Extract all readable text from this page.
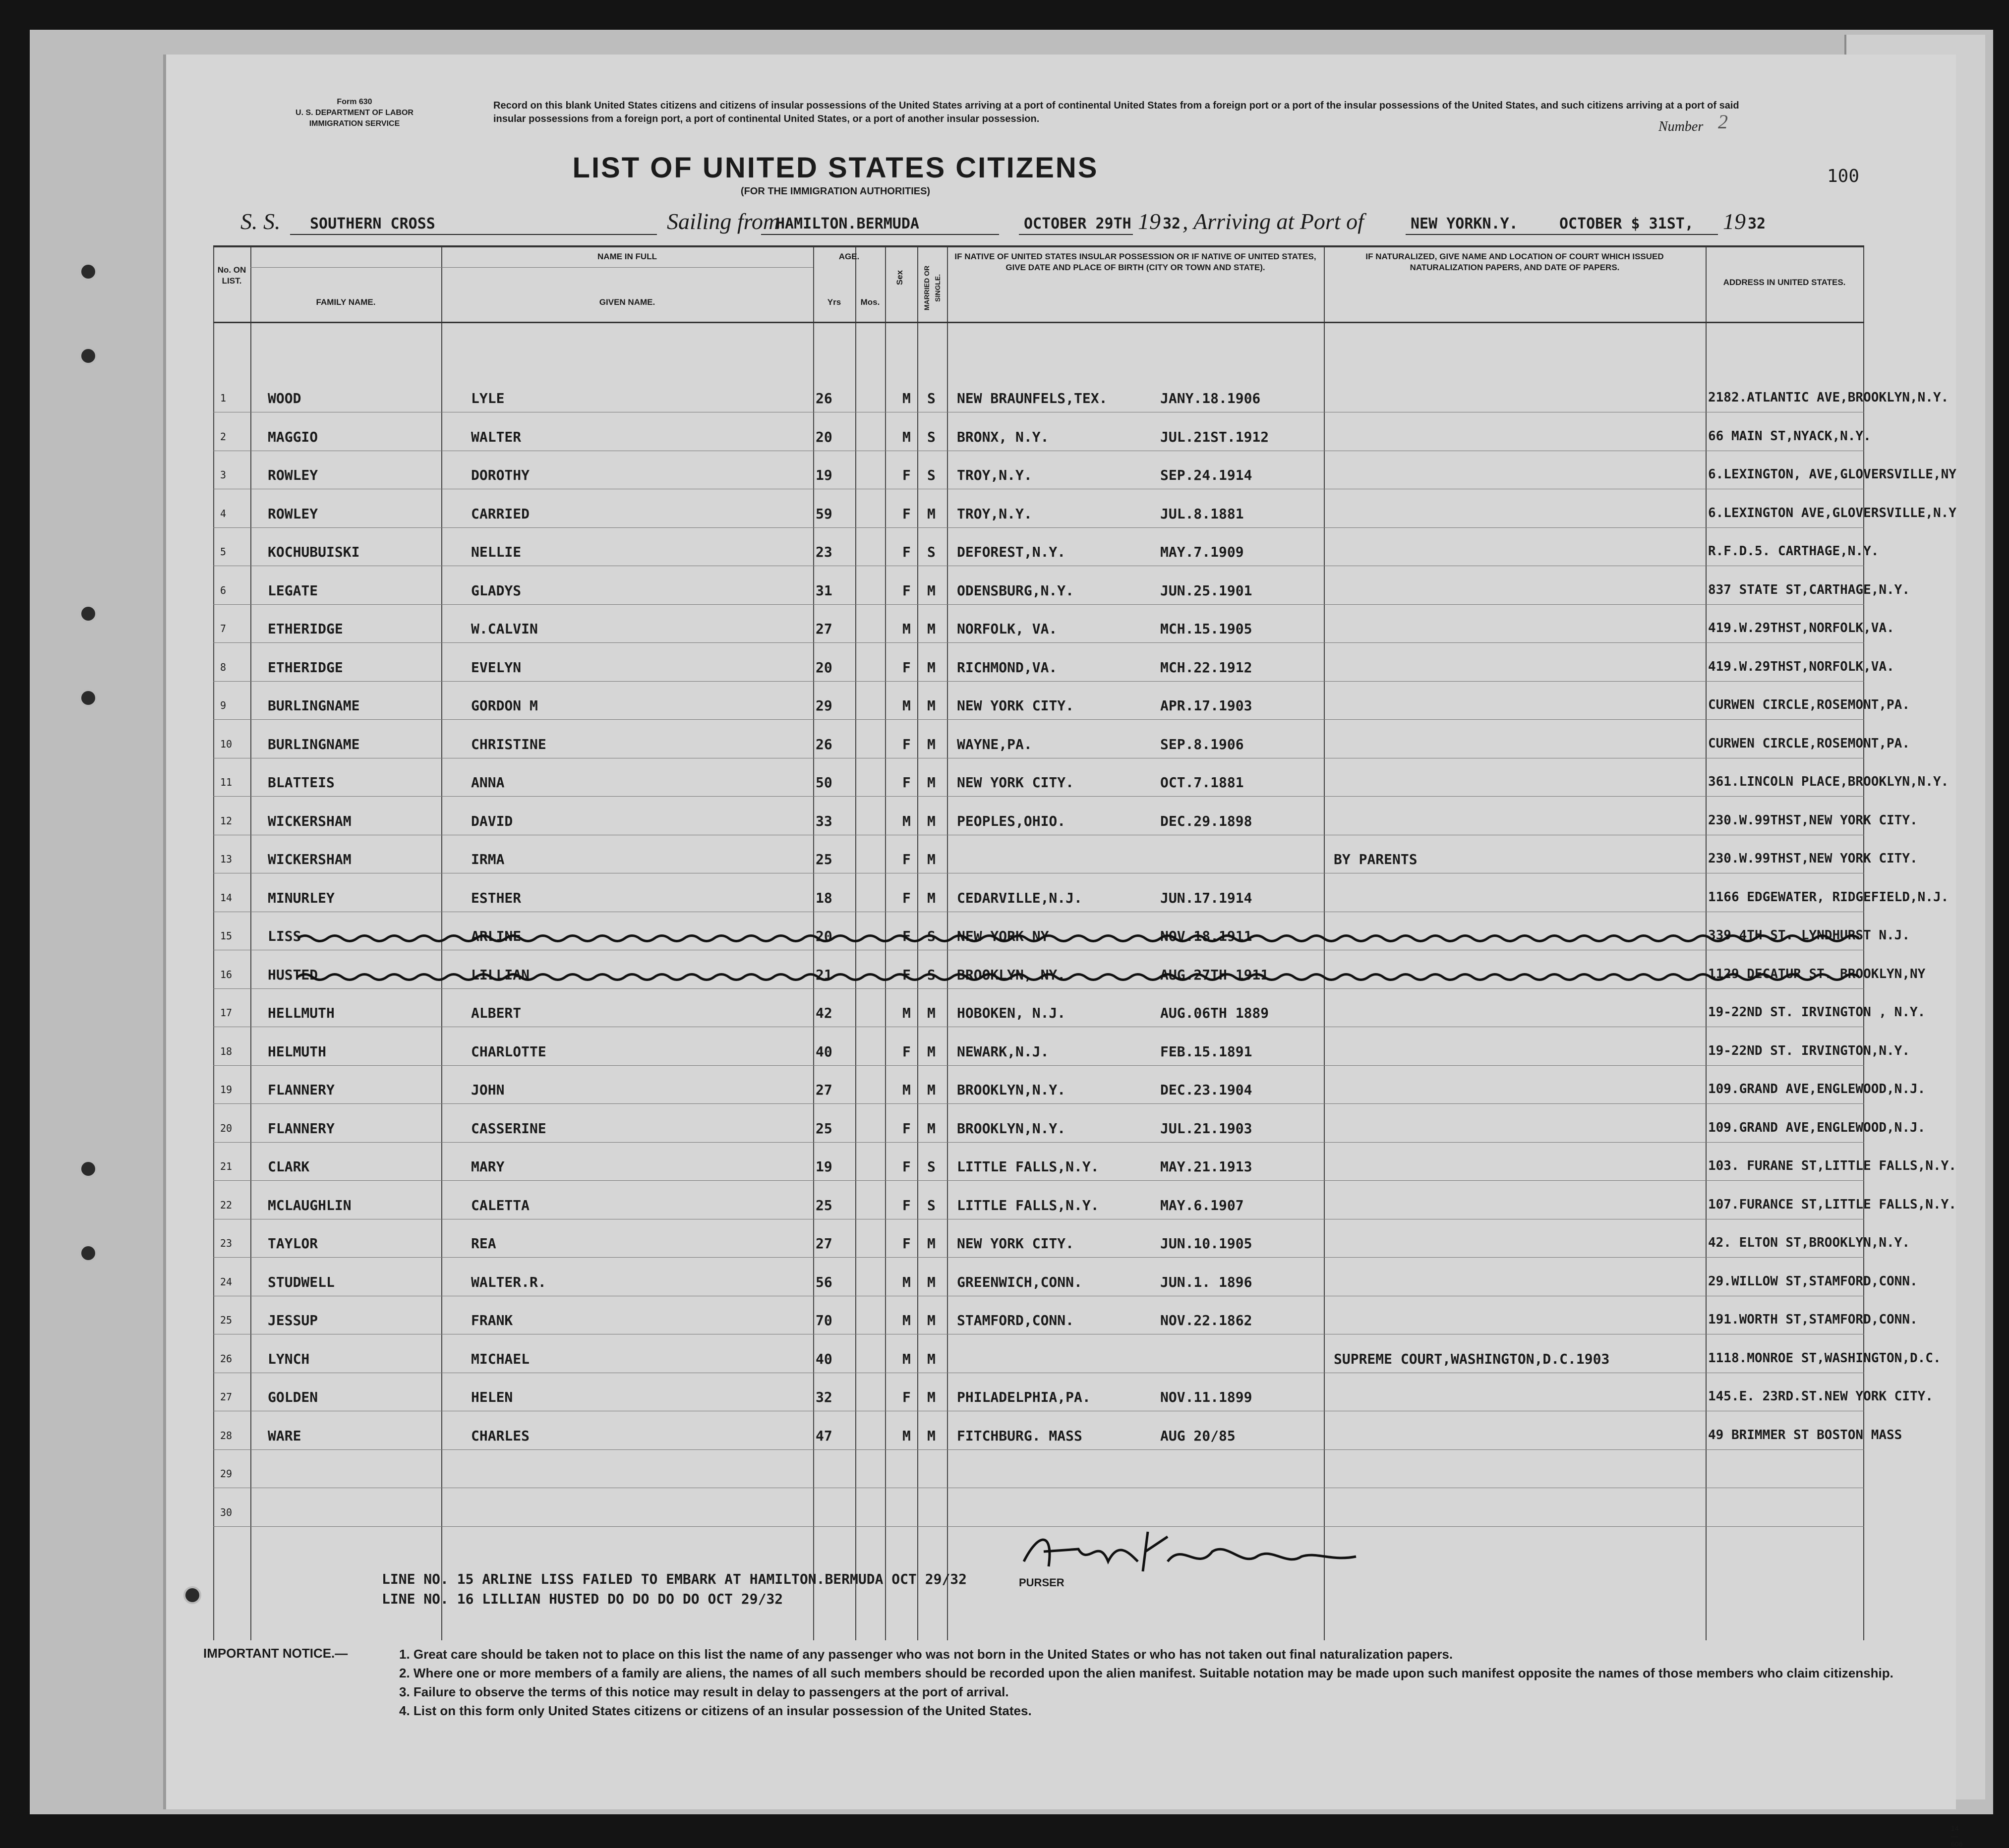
Form 630
U. S. DEPARTMENT OF LABOR
IMMIGRATION SERVICE
Record on this blank United States citizens and citizens of insular possessions of the United States arriving at a port of continental United States from a foreign port or a port of the insular possessions of the United States, and such citizens arriving at a port of said insular possessions from a foreign port, a port of continental United States, or a port of another insular possession.	Number 2
100
LIST OF UNITED STATES CITIZENS
(FOR THE IMMIGRATION AUTHORITIES)
S. S. SOUTHERN CROSS	Sailing from
HAMILTON.BERMUDA	OCTOBER 29TH 19 32 , Arriving at Port of	NEW YORKN.Y.	OCTOBER $ 31ST, 19 32
No. ON LIST.
NAME IN FULL
FAMILY NAME.	GIVEN NAME.
AGE.
Yrs	Mos.
Sex	MARRIED OR SINGLE.
IF NATIVE OF UNITED STATES INSULAR POSSESSION OR IF NATIVE OF UNITED STATES, GIVE DATE AND PLACE OF BIRTH (CITY OR TOWN AND STATE).
IF NATURALIZED, GIVE NAME AND LOCATION OF COURT WHICH ISSUED NATURALIZATION PAPERS, AND DATE OF PAPERS.
ADDRESS IN UNITED STATES.
1	WOOD	LYLE	26	M S NEW BRAUNFELS,TEX.	JANY.18.1906	2182.ATLANTIC AVE,BROOKLYN,N.Y.
2	MAGGIO	WALTER	20	M S BRONX, N.Y.	JUL.21ST.1912	66 MAIN ST,NYACK,N.Y.
3	ROWLEY	DOROTHY	19	F S TROY,N.Y.	SEP.24.1914	6.LEXINGTON, AVE,GLOVERSVILLE,NY
4	ROWLEY	CARRIED	59	F M TROY,N.Y.	JUL.8.1881	6.LEXINGTON AVE,GLOVERSVILLE,N.Y
5	KOCHUBUISKI	NELLIE	23	F S DEFOREST,N.Y.	MAY.7.1909	R.F.D.5. CARTHAGE,N.Y.
6	LEGATE	GLADYS	31	F M ODENSBURG,N.Y.	JUN.25.1901	837 STATE ST,CARTHAGE,N.Y.
7	ETHERIDGE	W.CALVIN	27	M M NORFOLK, VA.	MCH.15.1905	419.W.29THST,NORFOLK,VA.
8	ETHERIDGE	EVELYN	20	F M RICHMOND,VA.	MCH.22.1912	419.W.29THST,NORFOLK,VA.
9	BURLINGNAME	GORDON M	29	M M NEW YORK CITY.	APR.17.1903	CURWEN CIRCLE,ROSEMONT,PA.
10	BURLINGNAME	CHRISTINE	26	F M WAYNE,PA.	SEP.8.1906	CURWEN CIRCLE,ROSEMONT,PA.
11	BLATTEIS	ANNA	50	F M NEW YORK CITY.	OCT.7.1881	361.LINCOLN PLACE,BROOKLYN,N.Y.
12	WICKERSHAM	DAVID	33	M M PEOPLES,OHIO.	DEC.29.1898	230.W.99THST,NEW YORK CITY.
13	WICKERSHAM	IRMA	25	F M	BY PARENTS	230.W.99THST,NEW YORK CITY.
14	MINURLEY	ESTHER	18	F M CEDARVILLE,N.J.	JUN.17.1914	1166 EDGEWATER, RIDGEFIELD,N.J.
15	LISS	ARLINE	20	F S NEW YORK NY	NOV.18.1911	339 4TH ST. LYNDHURST N.J.
16	HUSTED	LILLIAN	21	F S BROOKLYN, NY.	AUG.27TH 1911	1129 DECATUR ST. BROOKLYN,NY
17	HELLMUTH	ALBERT	42	M M HOBOKEN, N.J.	AUG.06TH 1889	19-22ND ST. IRVINGTON , N.Y.
18	HELMUTH	CHARLOTTE	40	F M NEWARK,N.J.	FEB.15.1891	19-22ND ST. IRVINGTON,N.Y.
19	FLANNERY	JOHN	27	M M BROOKLYN,N.Y.	DEC.23.1904	109.GRAND AVE,ENGLEWOOD,N.J.
20	FLANNERY	CASSERINE	25	F M BROOKLYN,N.Y.	JUL.21.1903	109.GRAND AVE,ENGLEWOOD,N.J.
21	CLARK	MARY	19	F S LITTLE FALLS,N.Y.	MAY.21.1913	103. FURANE ST,LITTLE FALLS,N.Y.
22	MCLAUGHLIN	CALETTA	25	F S LITTLE FALLS,N.Y.	MAY.6.1907	107.FURANCE ST,LITTLE FALLS,N.Y.
23	TAYLOR	REA	27	F M NEW YORK CITY.	JUN.10.1905	42. ELTON ST,BROOKLYN,N.Y.
24	STUDWELL	WALTER.R.	56	M M GREENWICH,CONN.	JUN.1. 1896	29.WILLOW ST,STAMFORD,CONN.
25	JESSUP	FRANK	70	M M STAMFORD,CONN.	NOV.22.1862	191.WORTH ST,STAMFORD,CONN.
26	LYNCH	MICHAEL	40	M M	SUPREME COURT,WASHINGTON,D.C.1903	1118.MONROE ST,WASHINGTON,D.C.
27	GOLDEN	HELEN	32	F M PHILADELPHIA,PA.	NOV.11.1899	145.E. 23RD.ST.NEW YORK CITY.
28	WARE	CHARLES	47	M M FITCHBURG. MASS	AUG 20/85	49 BRIMMER ST BOSTON MASS
29
30
LINE NO. 15 ARLINE LISS FAILED TO EMBARK AT HAMILTON.BERMUDA OCT 29/32
LINE NO. 16 LILLIAN HUSTED DO DO DO DO OCT 29/32
PURSER
IMPORTANT NOTICE.—	1. Great care should be taken not to place on this list the name of any passenger who was not born in the United States or who has not taken out final naturalization papers.
2. Where one or more members of a family are aliens, the names of all such members should be recorded upon the alien manifest. Suitable notation may be made upon such manifest opposite the names of those members who claim citizenship.
3. Failure to observe the terms of this notice may result in delay to passengers at the port of arrival.
4. List on this form only United States citizens or citizens of an insular possession of the United States.
14—606
